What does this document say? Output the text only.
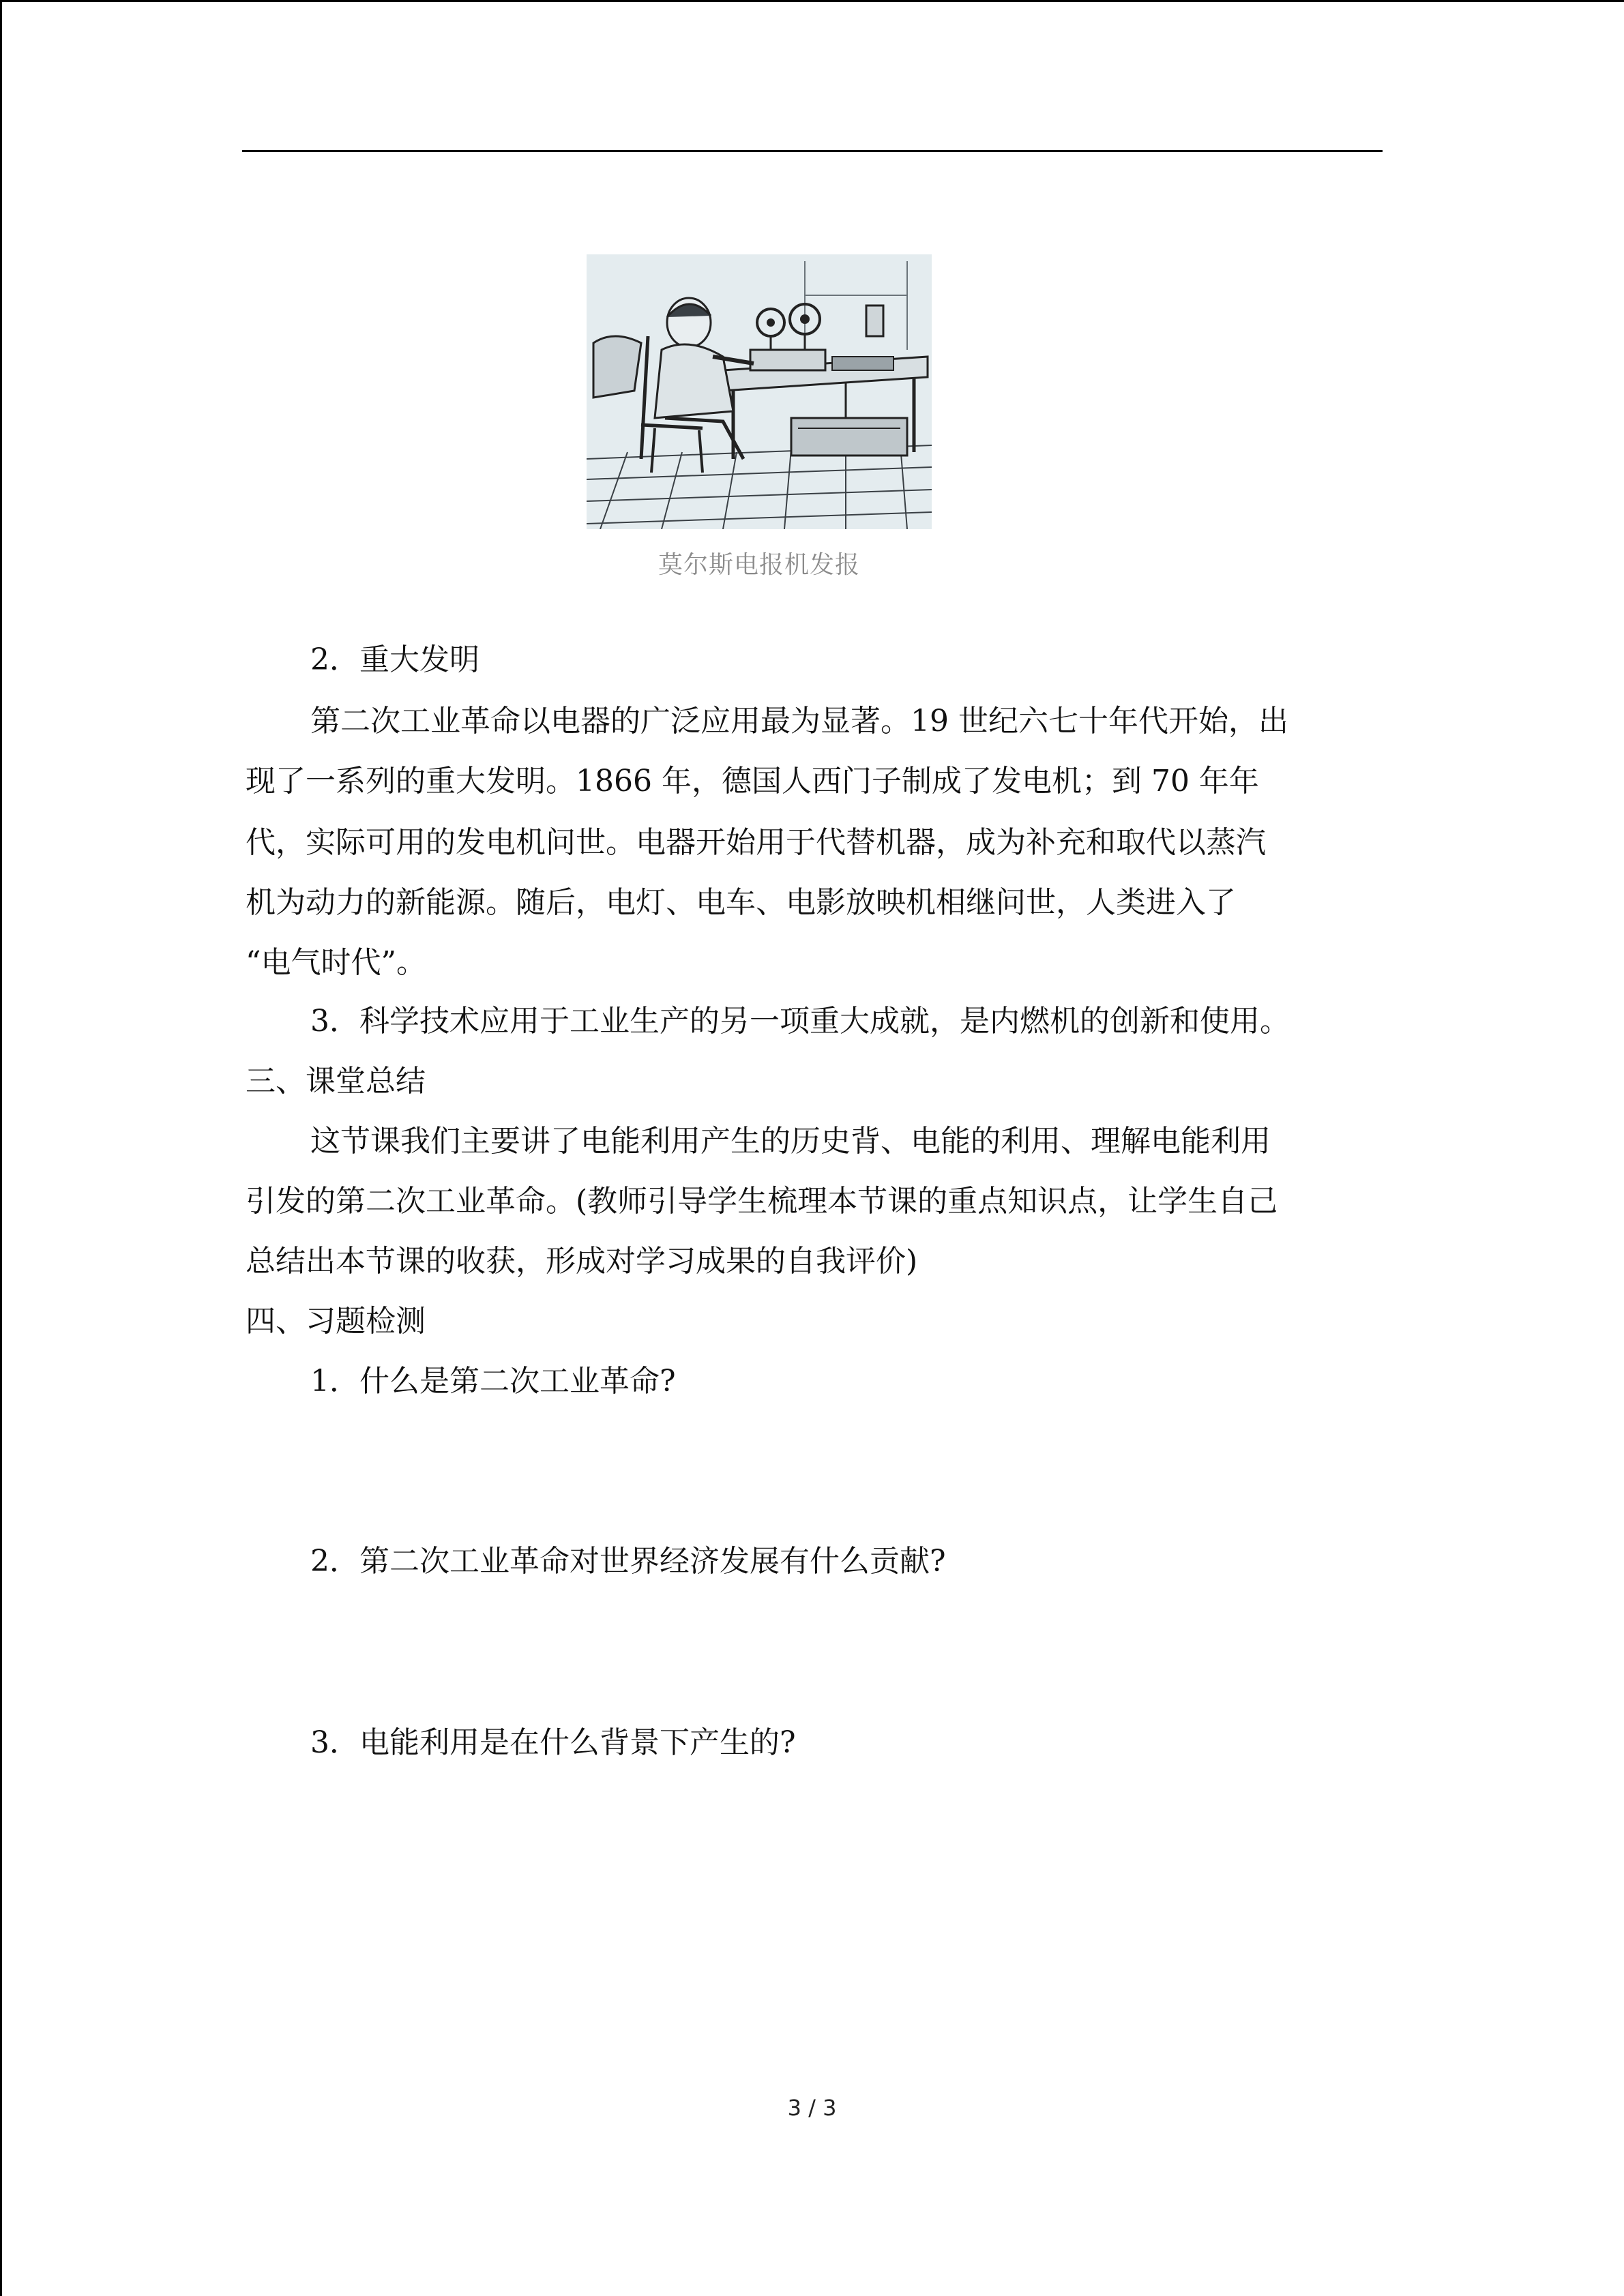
莫尔斯电报机发报
2．重大发明
第二次工业革命以电器的广泛应用最为显著。19 世纪六七十年代开始，出
现了一系列的重大发明。1866 年，德国人西门子制成了发电机；到 70 年年
代，实际可用的发电机问世。电器开始用于代替机器，成为补充和取代以蒸汽
机为动力的新能源。随后，电灯、电车、电影放映机相继问世，人类进入了
“电气时代”。
3．科学技术应用于工业生产的另一项重大成就，是内燃机的创新和使用。
三、课堂总结
这节课我们主要讲了电能利用产生的历史背、电能的利用、理解电能利用
引发的第二次工业革命。(教师引导学生梳理本节课的重点知识点，让学生自己
总结出本节课的收获，形成对学习成果的自我评价)
四、习题检测
1．什么是第二次工业革命?
2．第二次工业革命对世界经济发展有什么贡献?
3．电能利用是在什么背景下产生的?
3 / 3
